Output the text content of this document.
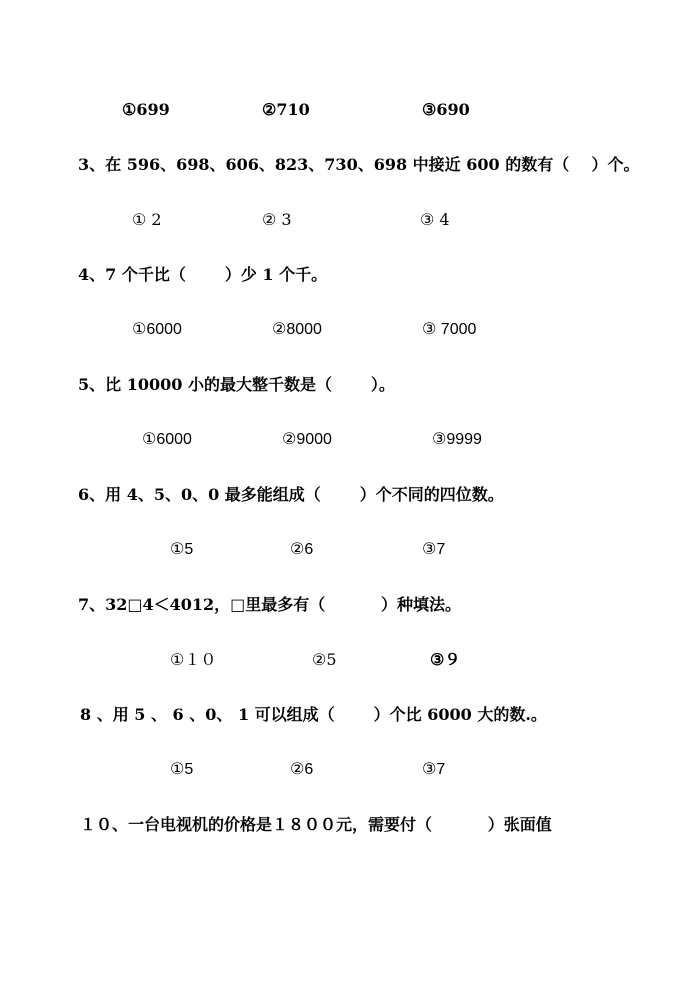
①699	②710	③690
3、在 596、698、606、823、730、698 中接近 600 的数有（    ）个。
① 2	② 3	③ 4
4、7 个千比（       ）少 1 个千。
①6000	②8000	③ 7000
5、比 10000 小的最大整千数是（       ）。
①6000	②9000	③9999
6、用 4、5、0、0 最多能组成（       ）个不同的四位数。
①5	②6	③7
7、32□4＜4012，□里最多有（          ）种填法。
①１０	②5	③９
8 、用 5 、 6 、0、 1 可以组成（       ）个比 6000 大的数.。
①5	②6	③7
１０、一台电视机的价格是１８００元，需要付（          ）张面值
